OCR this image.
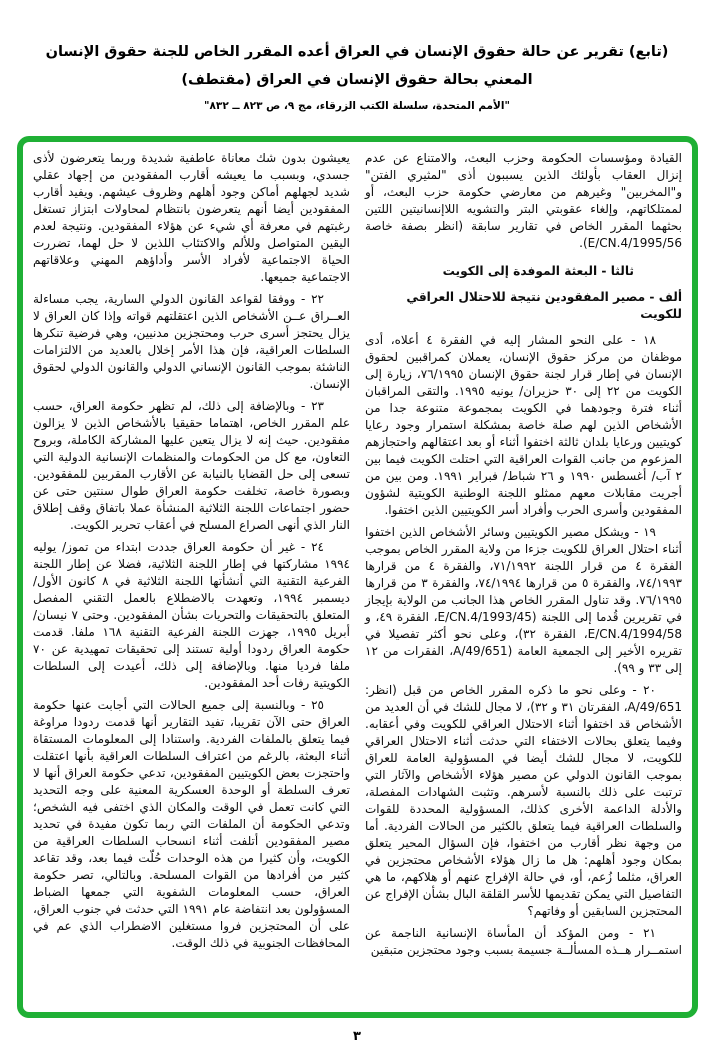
(تابع) تقرير عن حالة حقوق الإنسان في العراق أعده المقرر الخاص للجنة حقوق الإنسان
المعني بحالة حقوق الإنسان في العراق (مقتطف)
"الأمم المتحدة، سلسلة الكتب الزرقاء، مج ٩، ص ٨٢٣ ــ ٨٣٢"

القيادة ومؤسسات الحكومة وحزب البعث، والامتناع عن عدم إنزال العقاب بأولئك الذين يسببون أذى "لمثيري الفتن" و"المخربين" وغيرهم من معارضي حكومة حزب البعث، أو لممتلكاتهم، وإلغاء عقوبتي البتر والتشويه اللاإنسانيتين اللتين بحثهما المقرر الخاص في تقارير سابقة (انظر بصفة خاصة E/CN.4/1995/56).

ثالثا - البعثة الموفدة إلى الكويت
ألف - مصير المفقودين نتيجة للاحتلال العراقي للكويت

١٨ - على النحو المشار إليه في الفقرة ٤ أعلاه، أدى موظفان من مركز حقوق الإنسان، يعملان كمراقبين لحقوق الإنسان في إطار قرار لجنة حقوق الإنسان ٧٦/١٩٩٥، زيارة إلى الكويت من ٢٢ إلى ٣٠ حزيران/ يونيه ١٩٩٥. والتقى المراقبان أثناء فترة وجودهما في الكويت بمجموعة متنوعة جدا من الأشخاص الذين لهم صلة خاصة بمشكلة استمرار وجود رعايا كويتيين ورعايا بلدان ثالثة اختفوا أثناء أو بعد اعتقالهم واحتجازهم المزعوم من جانب القوات العراقية التي احتلت الكويت فيما بين ٢ آب/ أغسطس ١٩٩٠ و ٢٦ شباط/ فبراير ١٩٩١. ومن بين من أجريت مقابلات معهم ممثلو اللجنة الوطنية الكويتية لشؤون المفقودين وأسرى الحرب وأفراد أسر الكويتيين الذين اختفوا.

١٩ - ويشكل مصير الكويتيين وسائر الأشخاص الذين اختفوا أثناء احتلال العراق للكويت جزءا من ولاية المقرر الخاص بموجب الفقرة ٤ من قرار اللجنة ٧١/١٩٩٢، والفقرة ٤ من قرارها ٧٤/١٩٩٣، والفقرة ٥ من قرارها ٧٤/١٩٩٤، والفقرة ٣ من قرارها ٧٦/١٩٩٥. وقد تناول المقرر الخاص هذا الجانب من الولاية بإيجاز في تقريرين قُدما إلى اللجنة (E/CN.4/1993/45، الفقرة ٤٩، و E/CN.4/1994/58، الفقرة ٣٢)، وعلى نحو أكثر تفصيلا في تقريره الأخير إلى الجمعية العامة (A/49/651، الفقرات من ١٢ إلى ٣٣ و ٩٩).

٢٠ - وعلى نحو ما ذكره المقرر الخاص من قبل (انظر: A/49/651، الفقرتان ٣١ و ٣٢)، لا مجال للشك في أن العديد من الأشخاص قد اختفوا أثناء الاحتلال العراقي للكويت وفي أعقابه. وفيما يتعلق بحالات الاختفاء التي حدثت أثناء الاحتلال العراقي للكويت، لا مجال للشك أيضا في المسؤولية العامة للعراق بموجب القانون الدولي عن مصير هؤلاء الأشخاص والآثار التي ترتبت على ذلك بالنسبة لأسرهم. وتثبت الشهادات المفصلة، والأدلة الداعمة الأخرى كذلك، المسؤولية المحددة للقوات والسلطات العراقية فيما يتعلق بالكثير من الحالات الفردية. أما من وجهة نظر أقارب من اختفوا، فإن السؤال المحير يتعلق بمكان وجود أهلهم: هل ما زال هؤلاء الأشخاص محتجزين في العراق، مثلما زُعم، أو، في حالة الإفراج عنهم أو هلاكهم، ما هي التفاصيل التي يمكن تقديمها للأسر القلقة البال بشأن الإفراج عن المحتجزين السابقين أو وفاتهم؟

٢١ - ومن المؤكد أن المأساة الإنسانية الناجمة عن استمــرار هــذه المسألــة جسيمة بسبب وجود محتجزين متبقين

يعيشون بدون شك معاناة عاطفية شديدة وربما يتعرضون لأذى جسدي، وبسبب ما يعيشه أقارب المفقودين من إجهاد عقلي شديد لجهلهم أماكن وجود أهلهم وظروف عيشهم. ويفيد أقارب المفقودين أيضا أنهم يتعرضون بانتظام لمحاولات ابتزاز تستغل رغبتهم في معرفة أي شيء عن هؤلاء المفقودين. ونتيجة لعدم اليقين المتواصل وللألم والاكتئاب اللذين لا حل لهما، تضررت الحياة الاجتماعية لأفراد الأسر وأداؤهم المهني وعلاقاتهم الاجتماعية جميعها.

٢٢ - ووفقا لقواعد القانون الدولي السارية، يجب مساءلة العــراق عــن الأشخاص الذين اعتقلتهم قواته وإذا كان العراق لا يزال يحتجز أسرى حرب ومحتجزين مدنيين، وهي فرضية تنكرها السلطات العراقية، فإن هذا الأمر إخلال بالعديد من الالتزامات الناشئة بموجب القانون الإنساني الدولي والقانون الدولي لحقوق الإنسان.

٢٣ - وبالإضافة إلى ذلك، لم تظهر حكومة العراق، حسب علم المقرر الخاص، اهتماما حقيقيا بالأشخاص الذين لا يزالون مفقودين. حيث إنه لا يزال يتعين عليها المشاركة الكاملة، وبروح التعاون، مع كل من الحكومات والمنظمات الإنسانية الدولية التي تسعى إلى حل القضايا بالنيابة عن الأقارب المقربين للمفقودين. وبصورة خاصة، تخلفت حكومة العراق طوال سنتين حتى عن حضور اجتماعات اللجنة الثلاثية المنشأة عملا باتفاق وقف إطلاق النار الذي أنهى الصراع المسلح في أعقاب تحرير الكويت.

٢٤ - غير أن حكومة العراق جددت ابتداء من تموز/ يوليه ١٩٩٤ مشاركتها في إطار اللجنة الثلاثية، فضلا عن إطار اللجنة الفرعية التقنية التي أنشأتها اللجنة الثلاثية في ٨ كانون الأول/ ديسمبر ١٩٩٤، وتعهدت بالاضطلاع بالعمل التقني المفصل المتعلق بالتحقيقات والتحريات بشأن المفقودين. وحتى ٧ نيسان/ أبريل ١٩٩٥، جهزت اللجنة الفرعية التقنية ١٦٨ ملفا. قدمت حكومة العراق ردودا أولية تستند إلى تحقيقات تمهيدية عن ٧٠ ملفا فرديا منها. وبالإضافة إلى ذلك، أعيدت إلى السلطات الكويتية رفات أحد المفقودين.

٢٥ - وبالنسبة إلى جميع الحالات التي أجابت عنها حكومة العراق حتى الآن تقريبا، تفيد التقارير أنها قدمت ردودا مراوغة فيما يتعلق بالملفات الفردية. واستنادا إلى المعلومات المستقاة أثناء البعثة، بالرغم من اعتراف السلطات العراقية بأنها اعتقلت واحتجزت بعض الكويتيين المفقودين، تدعي حكومة العراق أنها لا تعرف السلطة أو الوحدة العسكرية المعنية على وجه التحديد التي كانت تعمل في الوقت والمكان الذي اختفى فيه الشخص؛ وتدعي الحكومة أن الملفات التي ربما تكون مفيدة في تحديد مصير المفقودين أتلفت أثناء انسحاب السلطات العراقية من الكويت، وأن كثيرا من هذه الوحدات حُلّت فيما بعد، وقد تقاعد كثير من أفرادها من القوات المسلحة. وبالتالي، تصر حكومة العراق، حسب المعلومات الشفوية التي جمعها الضباط المسؤولون بعد انتفاضة عام ١٩٩١ التي حدثت في جنوب العراق، على أن المحتجزين فروا مستغلين الاضطراب الذي عم في المحافظات الجنوبية في ذلك الوقت.

٣
